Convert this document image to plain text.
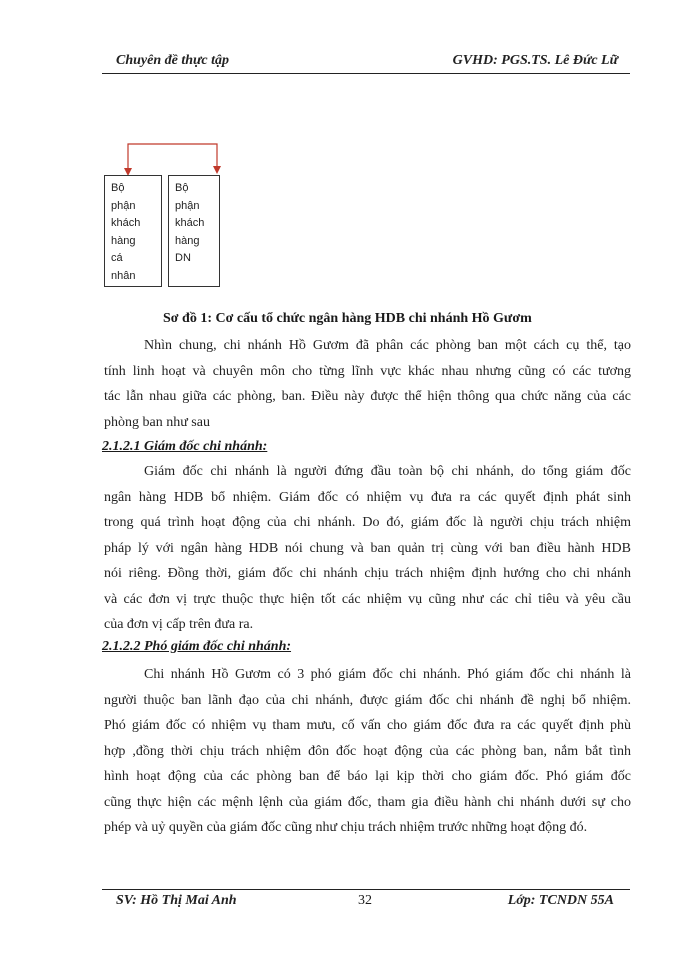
Chuyên đề thực tập	GVHD: PGS.TS. Lê Đức Lữ
Bộ
phận
khách
hàng
cá
nhân
Bộ
phận
khách
hàng
DN
Sơ đồ 1: Cơ cấu tổ chức ngân hàng HDB chi nhánh Hồ Gươm
Nhìn chung, chi nhánh Hồ Gươm đã phân các phòng ban một cách cụ thể, tạo
tính linh hoạt và chuyên môn cho từng lĩnh vực khác nhau nhưng cũng có các tương
tác lẫn nhau giữa các phòng, ban. Điều này được thể hiện thông qua chức năng của các
phòng ban như sau
2.1.2.1 Giám đốc chi nhánh:
Giám đốc chi nhánh là người đứng đầu toàn bộ chi nhánh, do tổng giám đốc
ngân hàng HDB bổ nhiệm. Giám đốc có nhiệm vụ đưa ra các quyết định phát sinh
trong quá trình hoạt động của chi nhánh. Do đó, giám đốc là người chịu trách nhiệm
pháp lý với ngân hàng HDB nói chung và ban quản trị cùng với ban điều hành HDB
nói riêng. Đồng thời, giám đốc chi nhánh chịu trách nhiệm định hướng cho chi nhánh
và các đơn vị trực thuộc thực hiện tốt các nhiệm vụ cũng như các chỉ tiêu và yêu cầu
của đơn vị cấp trên đưa ra.
2.1.2.2 Phó giám đốc chi nhánh:
Chi nhánh Hồ Gươm có 3 phó giám đốc chi nhánh. Phó giám đốc chi nhánh là
người thuộc ban lãnh đạo của chi nhánh, được giám đốc chi nhánh đề nghị bổ nhiệm.
Phó giám đốc có nhiệm vụ tham mưu, cố vấn cho giám đốc đưa ra các quyết định phù
hợp ,đồng thời chịu trách nhiệm đôn đốc hoạt động của các phòng ban, nắm bắt tình
hình hoạt động của các phòng ban để báo lại kịp thời cho giám đốc. Phó giám đốc
cũng thực hiện các mệnh lệnh của giám đốc, tham gia điều hành chi nhánh dưới sự cho
phép và uỷ quyền của giám đốc cũng như chịu trách nhiệm trước những hoạt động đó.
SV: Hồ Thị Mai Anh	32	Lớp: TCNDN 55A
